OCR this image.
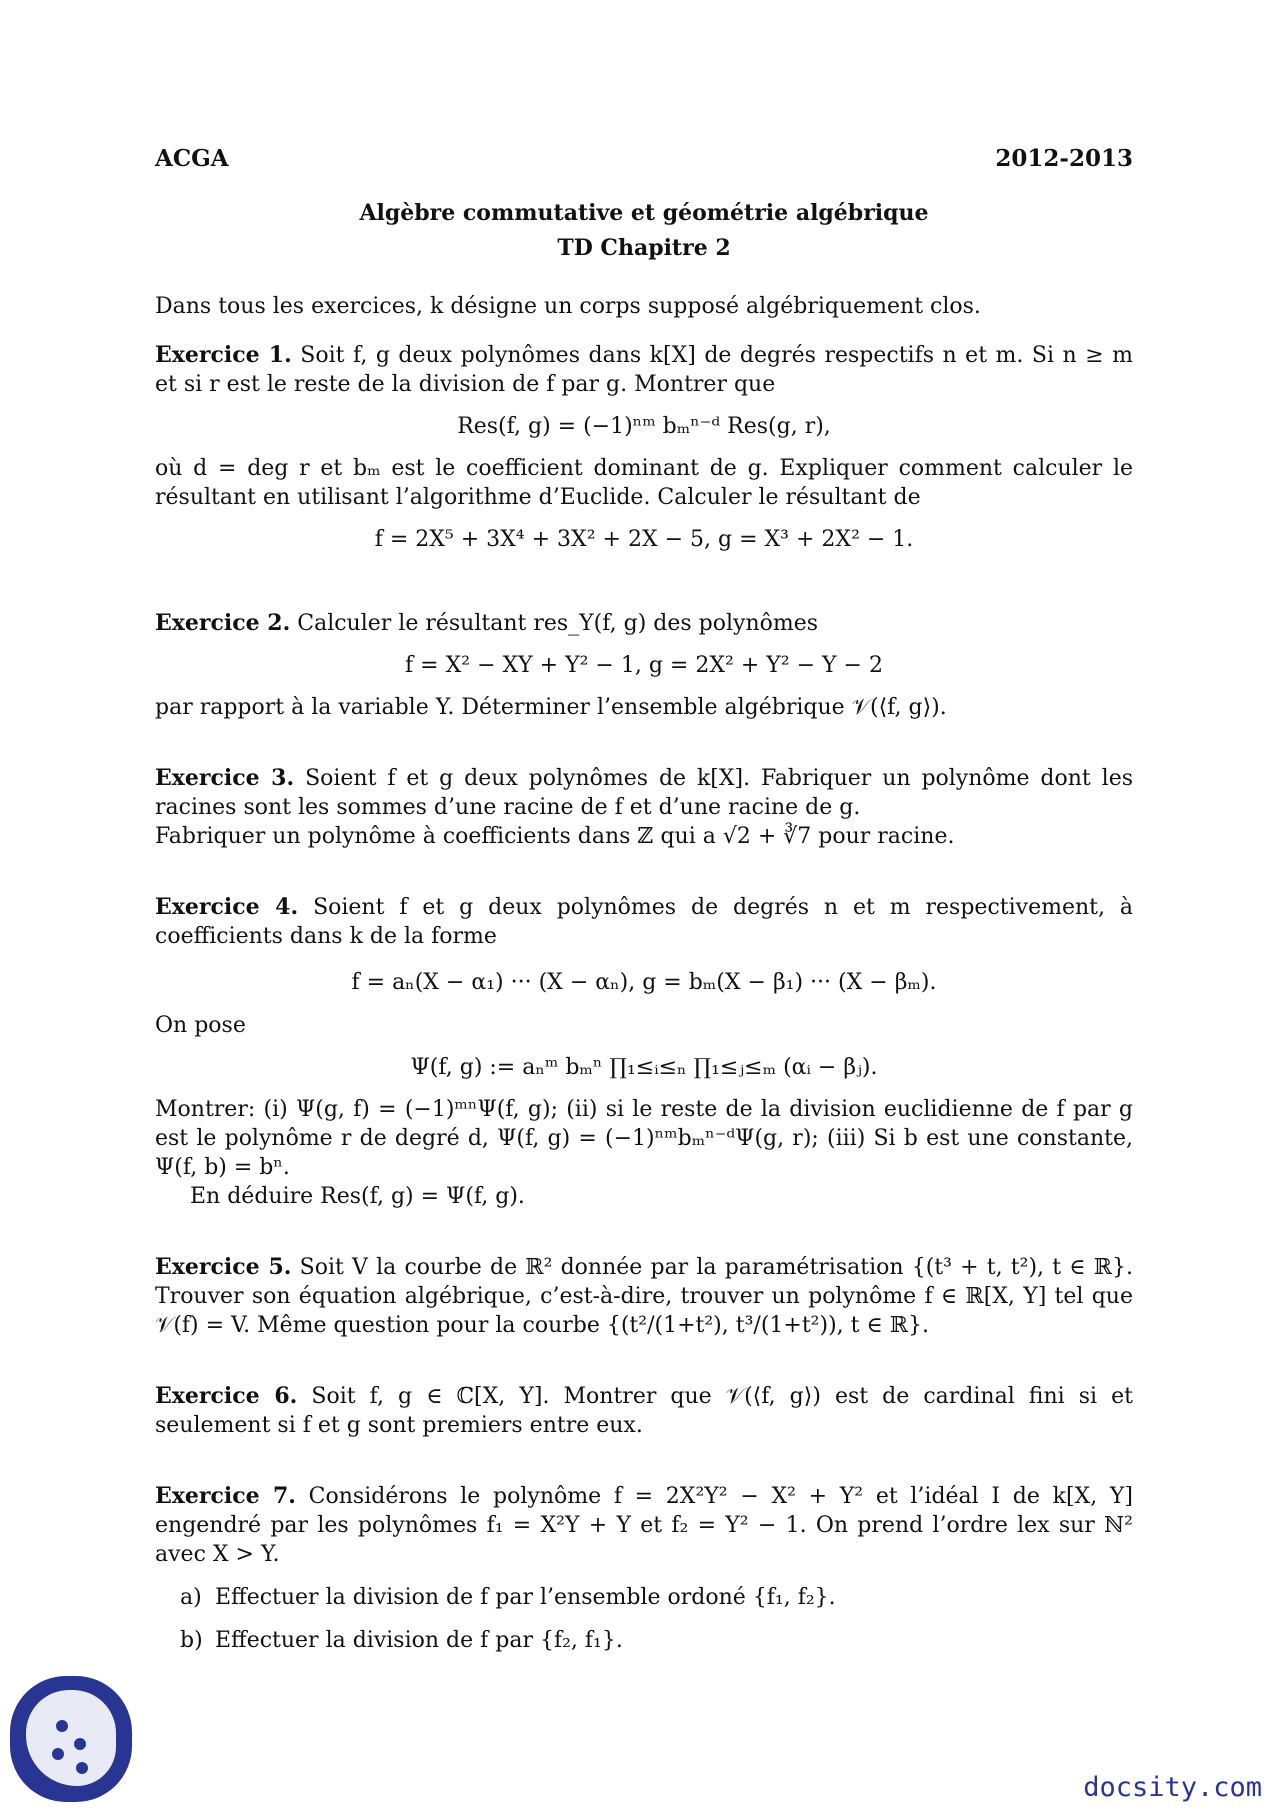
ACGA	2012-2013
Algèbre commutative et géométrie algébrique
TD Chapitre 2

Dans tous les exercices, k désigne un corps supposé algébriquement clos.

Exercice 1. Soit f, g deux polynômes dans k[X] de degrés respectifs n et m. Si n ≥ m et si r est le reste de la division de f par g. Montrer que

Res(f, g) = (−1)ⁿᵐ bₘⁿ⁻ᵈ Res(g, r),

où d = deg r et bₘ est le coefficient dominant de g. Expliquer comment calculer le résultant en utilisant l’algorithme d’Euclide. Calculer le résultant de

f = 2X⁵ + 3X⁴ + 3X² + 2X − 5, g = X³ + 2X² − 1.

Exercice 2. Calculer le résultant res_Y(f, g) des polynômes

f = X² − XY + Y² − 1, g = 2X² + Y² − Y − 2

par rapport à la variable Y. Déterminer l’ensemble algébrique 𝒱(⟨f, g⟩).

Exercice 3. Soient f et g deux polynômes de k[X]. Fabriquer un polynôme dont les racines sont les sommes d’une racine de f et d’une racine de g.

Fabriquer un polynôme à coefficients dans ℤ qui a √2 + ∛7 pour racine.

Exercice 4. Soient f et g deux polynômes de degrés n et m respectivement, à coefficients dans k de la forme

f = aₙ(X − α₁) ··· (X − αₙ), g = bₘ(X − β₁) ··· (X − βₘ).

On pose

Ψ(f, g) := aₙᵐ bₘⁿ ∏₁≤ᵢ≤ₙ ∏₁≤ⱼ≤ₘ (αᵢ − βⱼ).

Montrer: (i) Ψ(g, f) = (−1)ᵐⁿΨ(f, g); (ii) si le reste de la division euclidienne de f par g est le polynôme r de degré d, Ψ(f, g) = (−1)ⁿᵐbₘⁿ⁻ᵈΨ(g, r); (iii) Si b est une constante, Ψ(f, b) = bⁿ.

En déduire Res(f, g) = Ψ(f, g).

Exercice 5. Soit V la courbe de ℝ² donnée par la paramétrisation {(t³ + t, t²), t ∈ ℝ}. Trouver son équation algébrique, c’est-à-dire, trouver un polynôme f ∈ ℝ[X, Y] tel que 𝒱(f) = V. Même question pour la courbe {(t²/(1+t²), t³/(1+t²)), t ∈ ℝ}.

Exercice 6. Soit f, g ∈ ℂ[X, Y]. Montrer que 𝒱(⟨f, g⟩) est de cardinal fini si et seulement si f et g sont premiers entre eux.

Exercice 7. Considérons le polynôme f = 2X²Y² − X² + Y² et l’idéal I de k[X, Y] engendré par les polynômes f₁ = X²Y + Y et f₂ = Y² − 1. On prend l’ordre lex sur ℕ² avec X > Y.

a) Effectuer la division de f par l’ensemble ordoné {f₁, f₂}.
b) Effectuer la division de f par {f₂, f₁}.
docsity.com
